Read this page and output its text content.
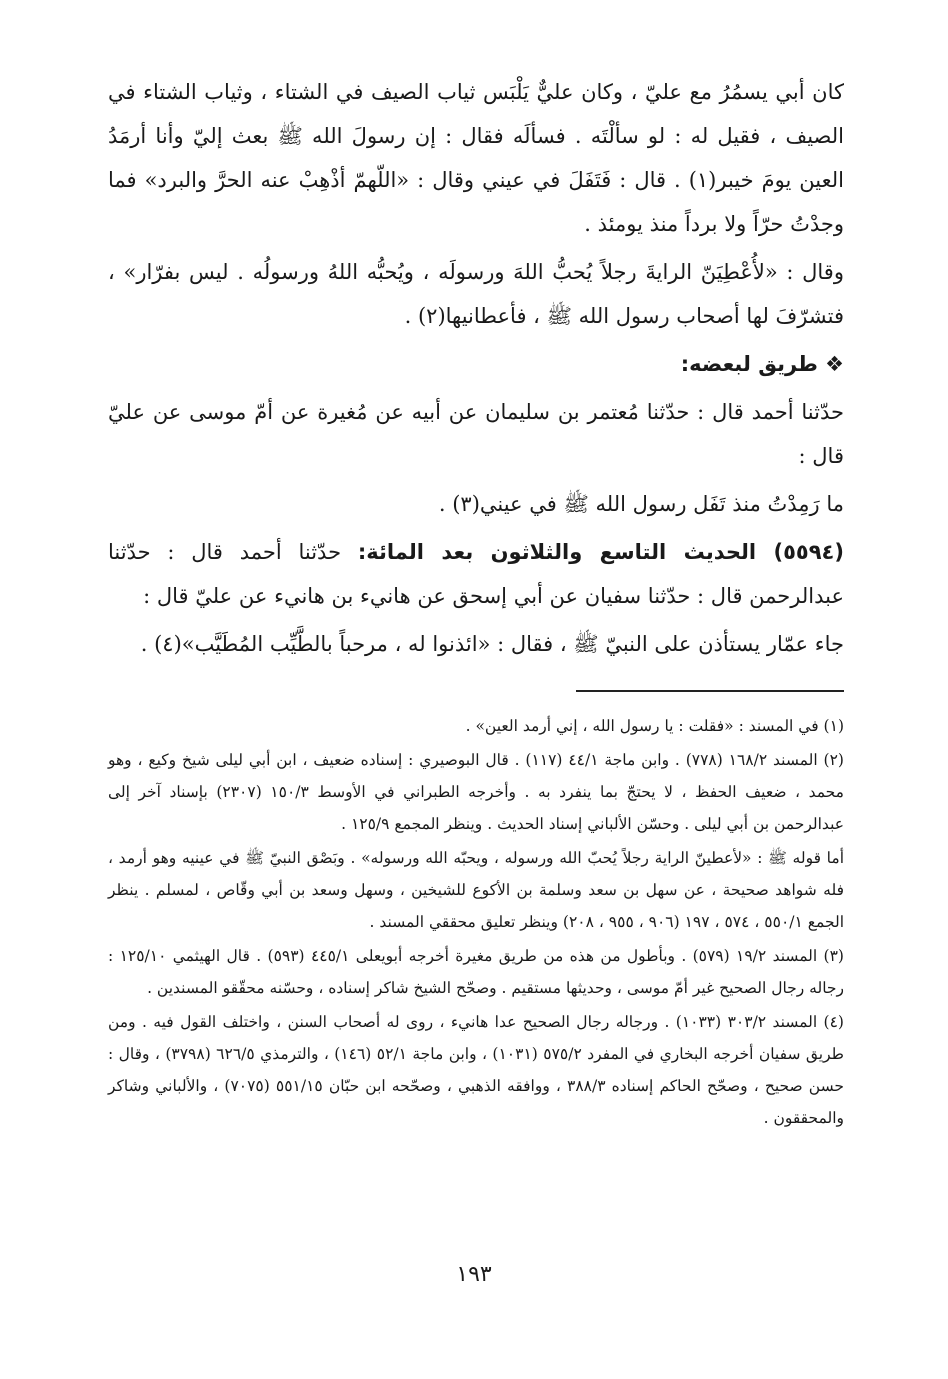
كان أبي يسمُرُ مع عليّ ، وكان عليٌّ يَلْبَس ثياب الصيف في الشتاء ، وثياب الشتاء في الصيف ، فقيل له : لو سألْتَه . فسألَه فقال : إن رسولَ الله ﷺ بعث إليّ وأنا أرمَدُ العين يومَ خيبر(١) . قال : فَتَفَلَ في عيني وقال : «اللّهمّ أذْهِبْ عنه الحرَّ والبرد» فما وجدْتُ حرّاً ولا برداً منذ يومئذ .

وقال : «لأُعْطِيَنّ الرايةَ رجلاً يُحبُّ اللهَ ورسولَه ، ويُحبُّه اللهُ ورسولُه . ليس بفرّار» ، فتشرّفَ لها أصحاب رسول الله ﷺ ، فأعطانيها(٢) .

❖ طريق لبعضه:

حدّثنا أحمد قال : حدّثنا مُعتمر بن سليمان عن أبيه عن مُغيرة عن أمّ موسى عن عليّ قال :

ما رَمِدْتُ منذ تَفَل رسول الله ﷺ في عيني(٣) .

(٥٥٩٤) الحديث التاسع والثلاثون بعد المائة: حدّثنا أحمد قال : حدّثنا عبدالرحمن قال : حدّثنا سفيان عن أبي إسحق عن هانيء بن هانيء عن عليّ قال :

جاء عمّار يستأذن على النبيّ ﷺ ، فقال : «ائذنوا له ، مرحباً بالطَّيِّب المُطَيَّب»(٤) .

(١) في المسند : «فقلت : يا رسول الله ، إني أرمد العين» .

(٢) المسند ١٦٨/٢ (٧٧٨) . وابن ماجة ٤٤/١ (١١٧) . قال البوصيري : إسناده ضعيف ، ابن أبي ليلى شيخ وكيع ، وهو محمد ، ضعيف الحفظ ، لا يحتجّ بما ينفرد به . وأخرجه الطبراني في الأوسط ١٥٠/٣ (٢٣٠٧) بإسناد آخر إلى عبدالرحمن بن أبي ليلى . وحسّن الألباني إسناد الحديث . وينظر المجمع ١٢٥/٩ .

أما قوله ﷺ : «لأعطينّ الراية رجلاً يُحبّ الله ورسوله ، ويحبّه الله ورسوله» . وبَصْق النبيّ ﷺ في عينيه وهو أرمد ، فله شواهد صحيحة ، عن سهل بن سعد وسلمة بن الأكوع للشيخين ، وسهل وسعد بن أبي وقّاص ، لمسلم . ينظر الجمع ٥٥٠/١ ، ٥٧٤ ، ١٩٧ (٩٠٦ ، ٩٥٥ ، ٢٠٨) وينظر تعليق محققي المسند .

(٣) المسند ١٩/٢ (٥٧٩) . وبأطول من هذه من طريق مغيرة أخرجه أبويعلى ٤٤٥/١ (٥٩٣) . قال الهيثمي ١٢٥/١٠ : رجاله رجال الصحيح غير أمّ موسى ، وحديثها مستقيم . وصحّح الشيخ شاكر إسناده ، وحسّنه محقّقو المسندين .

(٤) المسند ٣٠٣/٢ (١٠٣٣) . ورجاله رجال الصحيح عدا هانيء ، روى له أصحاب السنن ، واختلف القول فيه . ومن طريق سفيان أخرجه البخاري في المفرد ٥٧٥/٢ (١٠٣١) ، وابن ماجة ٥٢/١ (١٤٦) ، والترمذي ٦٢٦/٥ (٣٧٩٨) ، وقال : حسن صحيح ، وصحّح الحاكم إسناده ٣٨٨/٣ ، ووافقه الذهبي ، وصحّحه ابن حبّان ٥٥١/١٥ (٧٠٧٥) ، والألباني وشاكر والمحققون .

١٩٣
